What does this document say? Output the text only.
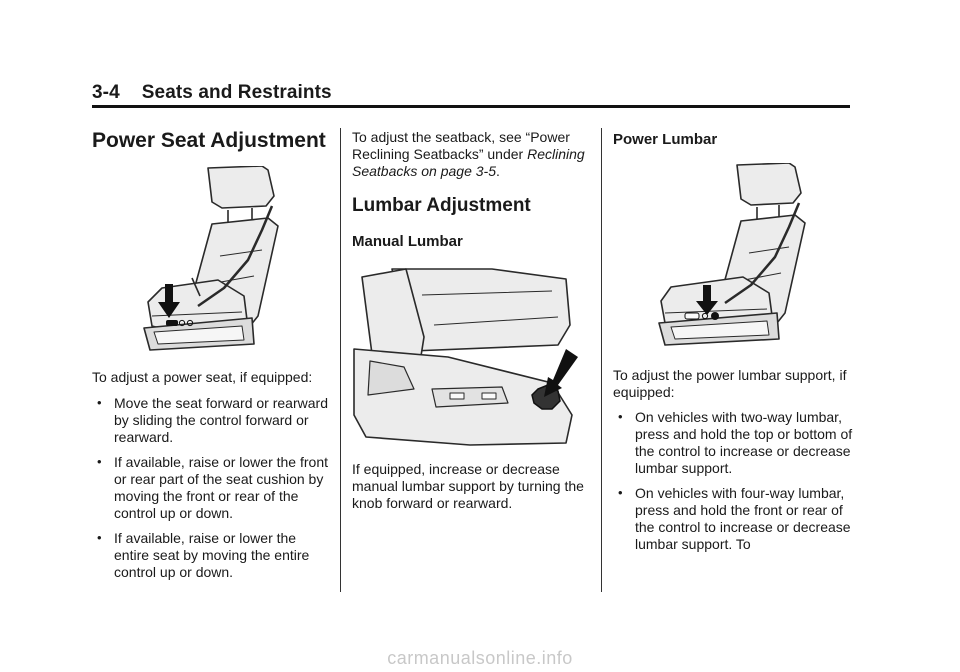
3-4 Seats and Restraints
Power Seat Adjustment

To adjust a power seat, if equipped:

• Move the seat forward or rearward by sliding the control forward or rearward.
• If available, raise or lower the front or rear part of the seat cushion by moving the front or rear of the control up or down.
• If available, raise or lower the entire seat by moving the entire control up or down.

To adjust the seatback, see “Power Reclining Seatbacks” under Reclining Seatbacks on page 3-5.

Lumbar Adjustment
Manual Lumbar

If equipped, increase or decrease manual lumbar support by turning the knob forward or rearward.

Power Lumbar

To adjust the power lumbar support, if equipped:

• On vehicles with two-way lumbar, press and hold the top or bottom of the control to increase or decrease lumbar support.
• On vehicles with four-way lumbar, press and hold the front or rear of the control to increase or decrease lumbar support. To
carmanualsonline.info
